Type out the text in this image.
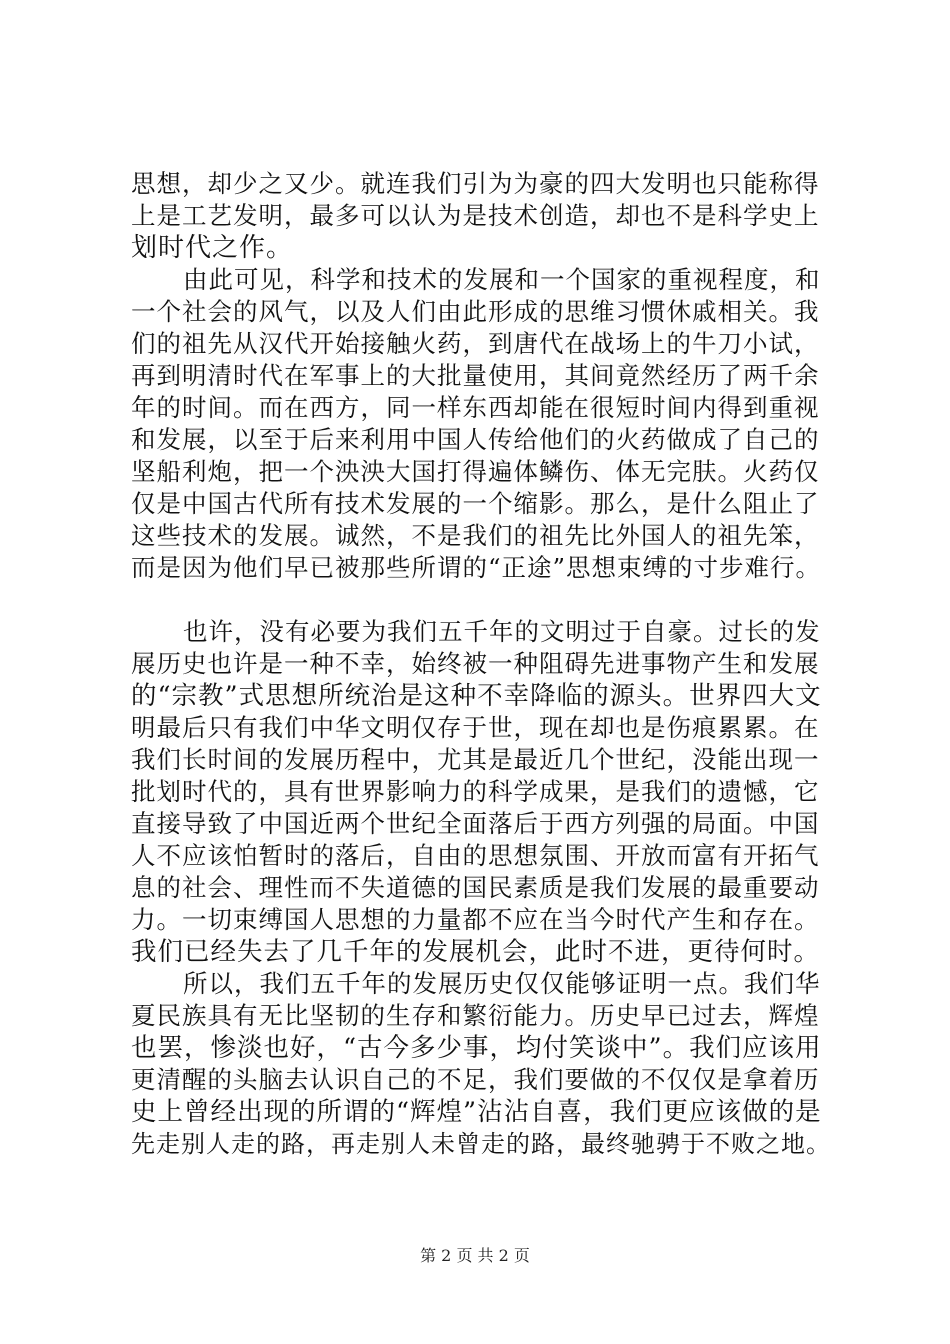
思想，却少之又少。就连我们引为为豪的四大发明也只能称得
上是工艺发明，最多可以认为是技术创造，却也不是科学史上
划时代之作。
由此可见，科学和技术的发展和一个国家的重视程度，和
一个社会的风气，以及人们由此形成的思维习惯休戚相关。我
们的祖先从汉代开始接触火药，到唐代在战场上的牛刀小试，
再到明清时代在军事上的大批量使用，其间竟然经历了两千余
年的时间。而在西方，同一样东西却能在很短时间内得到重视
和发展，以至于后来利用中国人传给他们的火药做成了自己的
坚船利炮，把一个泱泱大国打得遍体鳞伤、体无完肤。火药仅
仅是中国古代所有技术发展的一个缩影。那么，是什么阻止了
这些技术的发展。诚然，不是我们的祖先比外国人的祖先笨，
而是因为他们早已被那些所谓的“正途”思想束缚的寸步难行。
也许，没有必要为我们五千年的文明过于自豪。过长的发
展历史也许是一种不幸，始终被一种阻碍先进事物产生和发展
的“宗教”式思想所统治是这种不幸降临的源头。世界四大文
明最后只有我们中华文明仅存于世，现在却也是伤痕累累。在
我们长时间的发展历程中，尤其是最近几个世纪，没能出现一
批划时代的，具有世界影响力的科学成果，是我们的遗憾，它
直接导致了中国近两个世纪全面落后于西方列强的局面。中国
人不应该怕暂时的落后，自由的思想氛围、开放而富有开拓气
息的社会、理性而不失道德的国民素质是我们发展的最重要动
力。一切束缚国人思想的力量都不应在当今时代产生和存在。
我们已经失去了几千年的发展机会，此时不进，更待何时。
所以，我们五千年的发展历史仅仅能够证明一点。我们华
夏民族具有无比坚韧的生存和繁衍能力。历史早已过去，辉煌
也罢，惨淡也好，“古今多少事，均付笑谈中”。我们应该用
更清醒的头脑去认识自己的不足，我们要做的不仅仅是拿着历
史上曾经出现的所谓的“辉煌”沾沾自喜，我们更应该做的是
先走别人走的路，再走别人未曾走的路，最终驰骋于不败之地。
第 2 页 共 2 页
